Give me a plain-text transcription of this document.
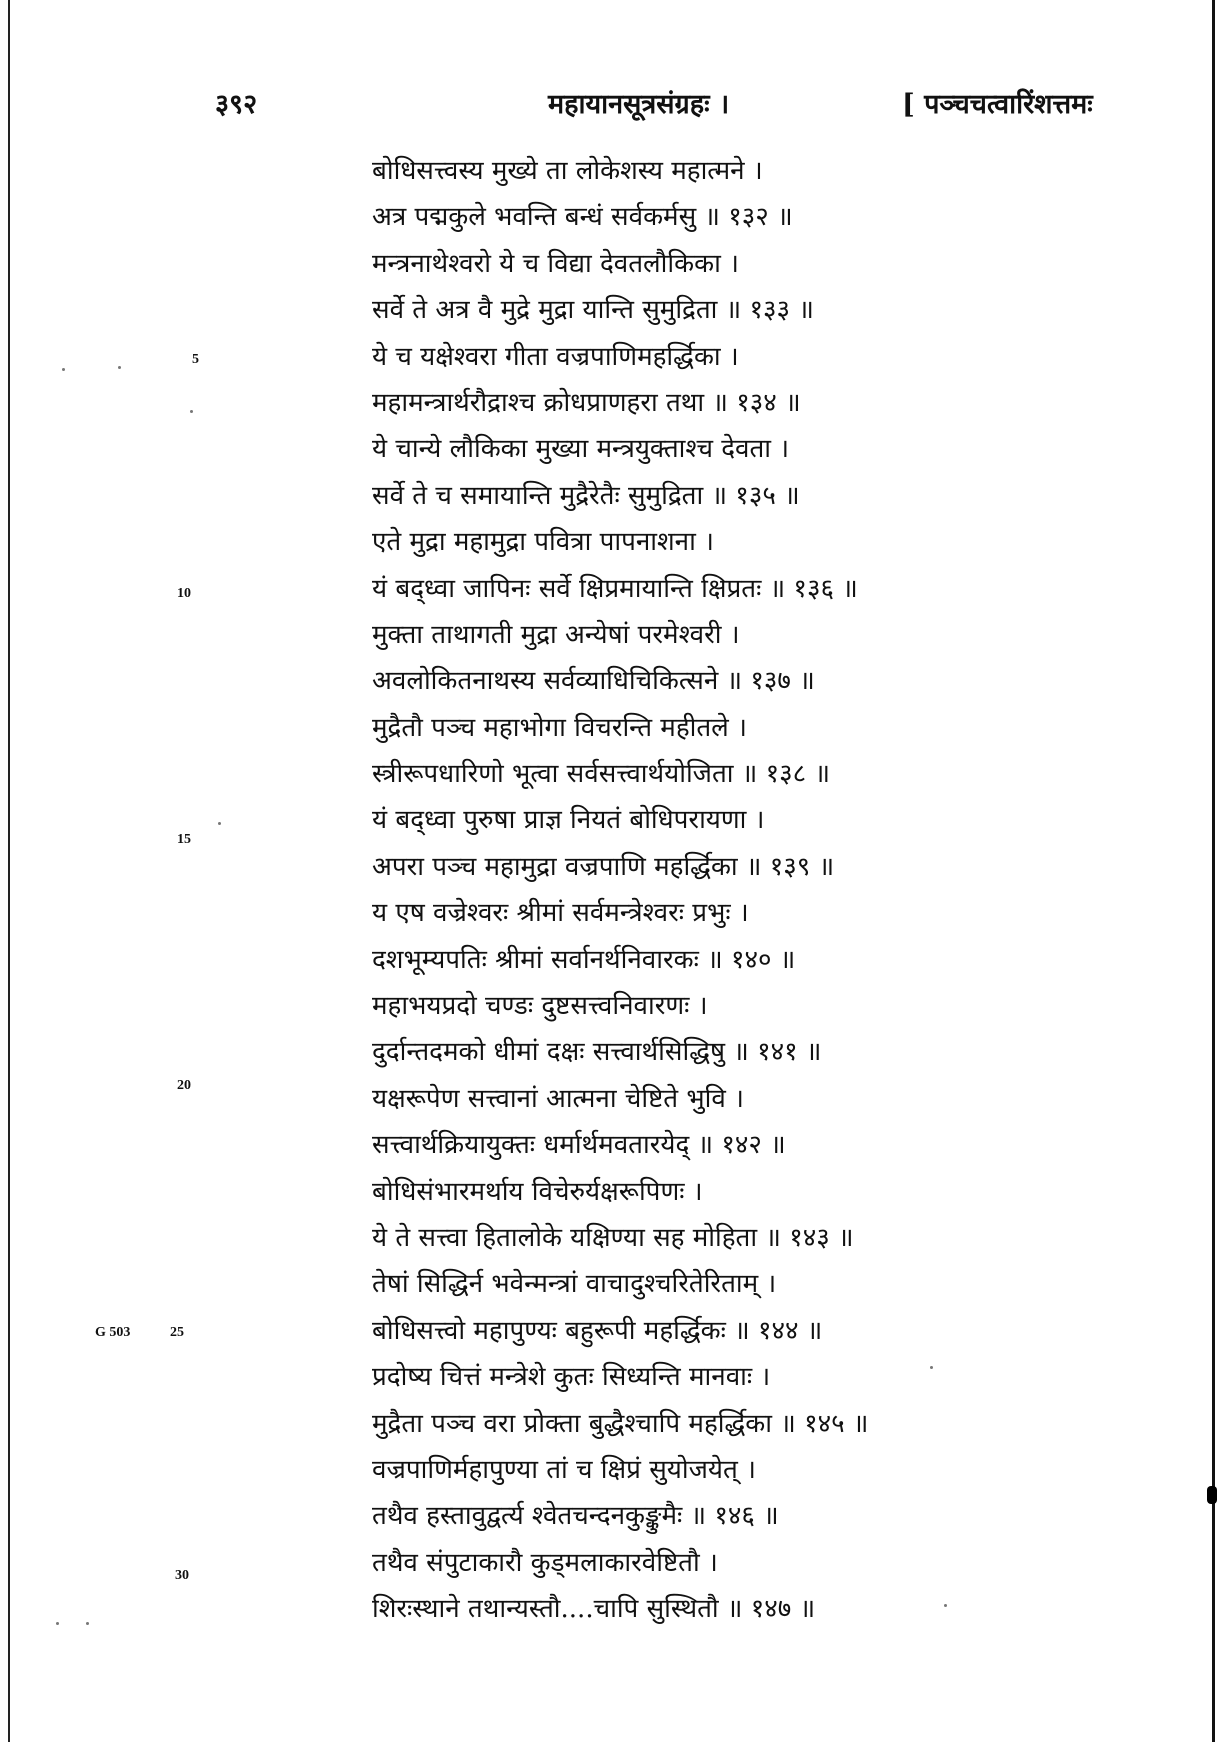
३९२	महायानसूत्रसंग्रहः ।	[ पञ्चचत्वारिंशत्तमः
बोधिसत्त्वस्य मुख्ये ता लोकेशस्य महात्मने ।
अत्र पद्मकुले भवन्ति बन्धं सर्वकर्मसु ॥ १३२ ॥
मन्त्रनाथेश्वरो ये च विद्या देवतलौकिका ।
सर्वे ते अत्र वै मुद्रे मुद्रा यान्ति सुमुद्रिता ॥ १३३ ॥
ये च यक्षेश्वरा गीता वज्रपाणिमहर्द्धिका ।
महामन्त्रार्थरौद्राश्च क्रोधप्राणहरा तथा ॥ १३४ ॥
ये चान्ये लौकिका मुख्या मन्त्रयुक्ताश्च देवता ।
सर्वे ते च समायान्ति मुद्रैरेतैः सुमुद्रिता ॥ १३५ ॥
एते मुद्रा महामुद्रा पवित्रा पापनाशना ।
यं बद्ध्वा जापिनः सर्वे क्षिप्रमायान्ति क्षिप्रतः ॥ १३६ ॥
मुक्ता ताथागती मुद्रा अन्येषां परमेश्वरी ।
अवलोकितनाथस्य सर्वव्याधिचिकित्सने ॥ १३७ ॥
मुद्रैतौ पञ्च महाभोगा विचरन्ति महीतले ।
स्त्रीरूपधारिणो भूत्वा सर्वसत्त्वार्थयोजिता ॥ १३८ ॥
यं बद्ध्वा पुरुषा प्राज्ञ नियतं बोधिपरायणा ।
अपरा पञ्च महामुद्रा वज्रपाणि महर्द्धिका ॥ १३९ ॥
य एष वज्रेश्वरः श्रीमां सर्वमन्त्रेश्वरः प्रभुः ।
दशभूम्यपतिः श्रीमां सर्वानर्थनिवारकः ॥ १४० ॥
महाभयप्रदो चण्डः दुष्टसत्त्वनिवारणः ।
दुर्दान्तदमको धीमां दक्षः सत्त्वार्थसिद्धिषु ॥ १४१ ॥
यक्षरूपेण सत्त्वानां आत्मना चेष्टिते भुवि ।
सत्त्वार्थक्रियायुक्तः धर्मार्थमवतारयेद् ॥ १४२ ॥
बोधिसंभारमर्थाय विचेरुर्यक्षरूपिणः ।
ये ते सत्त्वा हितालोके यक्षिण्या सह मोहिता ॥ १४३ ॥
तेषां सिद्धिर्न भवेन्मन्त्रां वाचादुश्चरितेरिताम् ।
बोधिसत्त्वो महापुण्यः बहुरूपी महर्द्धिकः ॥ १४४ ॥
प्रदोष्य चित्तं मन्त्रेशे कुतः सिध्यन्ति मानवाः ।
मुद्रैता पञ्च वरा प्रोक्ता बुद्धैश्चापि महर्द्धिका ॥ १४५ ॥
वज्रपाणिर्महापुण्या तां च क्षिप्रं सुयोजयेत् ।
तथैव हस्तावुद्वर्त्य श्वेतचन्दनकुङ्कुमैः ॥ १४६ ॥
तथैव संपुटाकारौ कुड्मलाकारवेष्टितौ ।
शिरःस्थाने तथान्यस्तौ....चापि सुस्थितौ ॥ १४७ ॥
5
10
15
20
25
30
G 503
